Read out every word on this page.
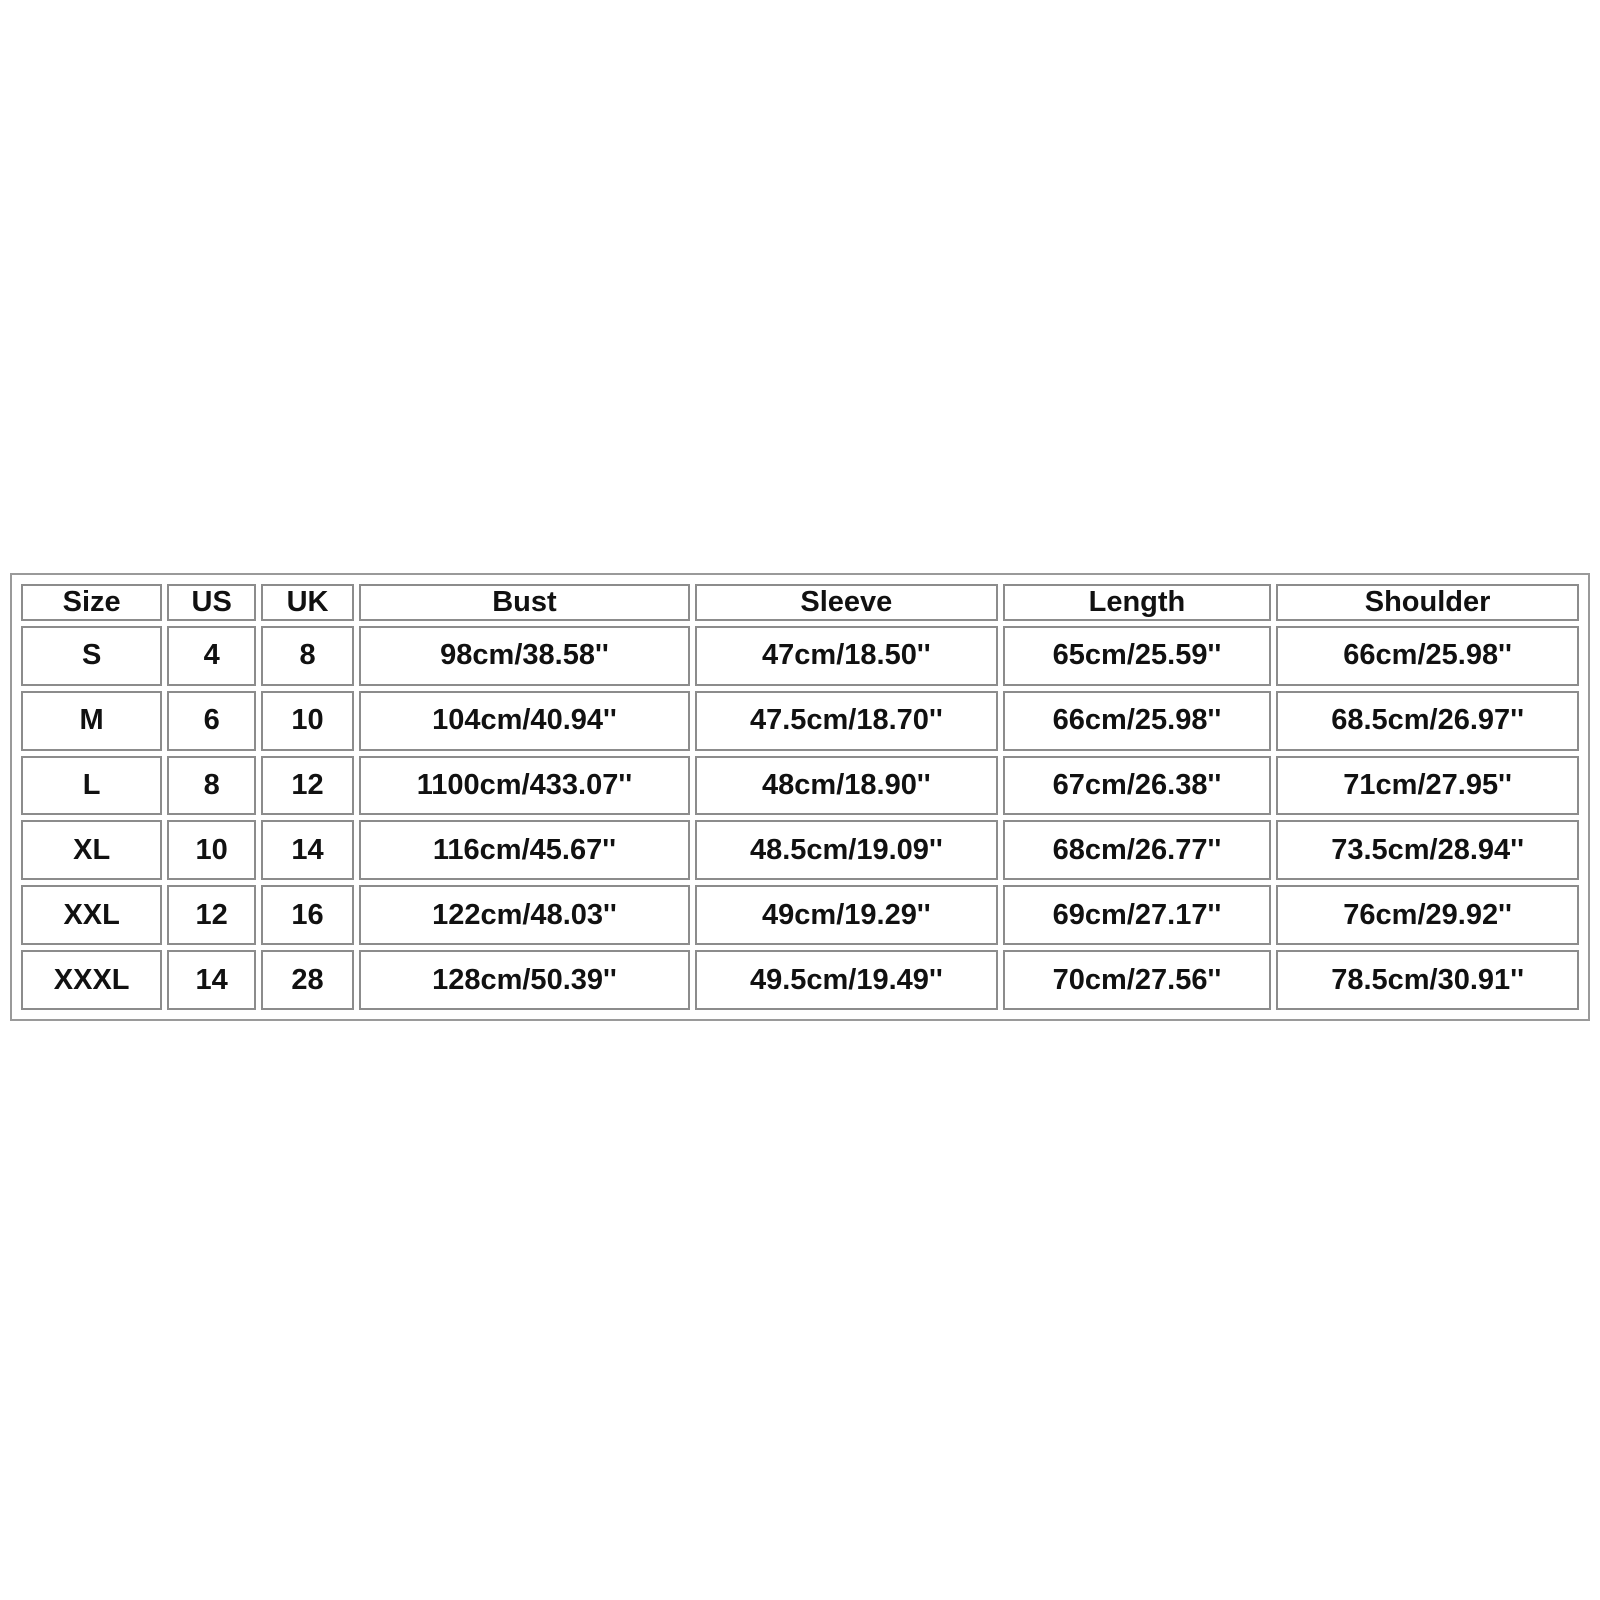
Size	US	UK	Bust	Sleeve	Length	Shoulder
S	4	8	98cm/38.58''	47cm/18.50''	65cm/25.59''	66cm/25.98''
M	6	10	104cm/40.94''	47.5cm/18.70''	66cm/25.98''	68.5cm/26.97''
L	8	12	1100cm/433.07''	48cm/18.90''	67cm/26.38''	71cm/27.95''
XL	10	14	116cm/45.67''	48.5cm/19.09''	68cm/26.77''	73.5cm/28.94''
XXL	12	16	122cm/48.03''	49cm/19.29''	69cm/27.17''	76cm/29.92''
XXXL	14	28	128cm/50.39''	49.5cm/19.49''	70cm/27.56''	78.5cm/30.91''
